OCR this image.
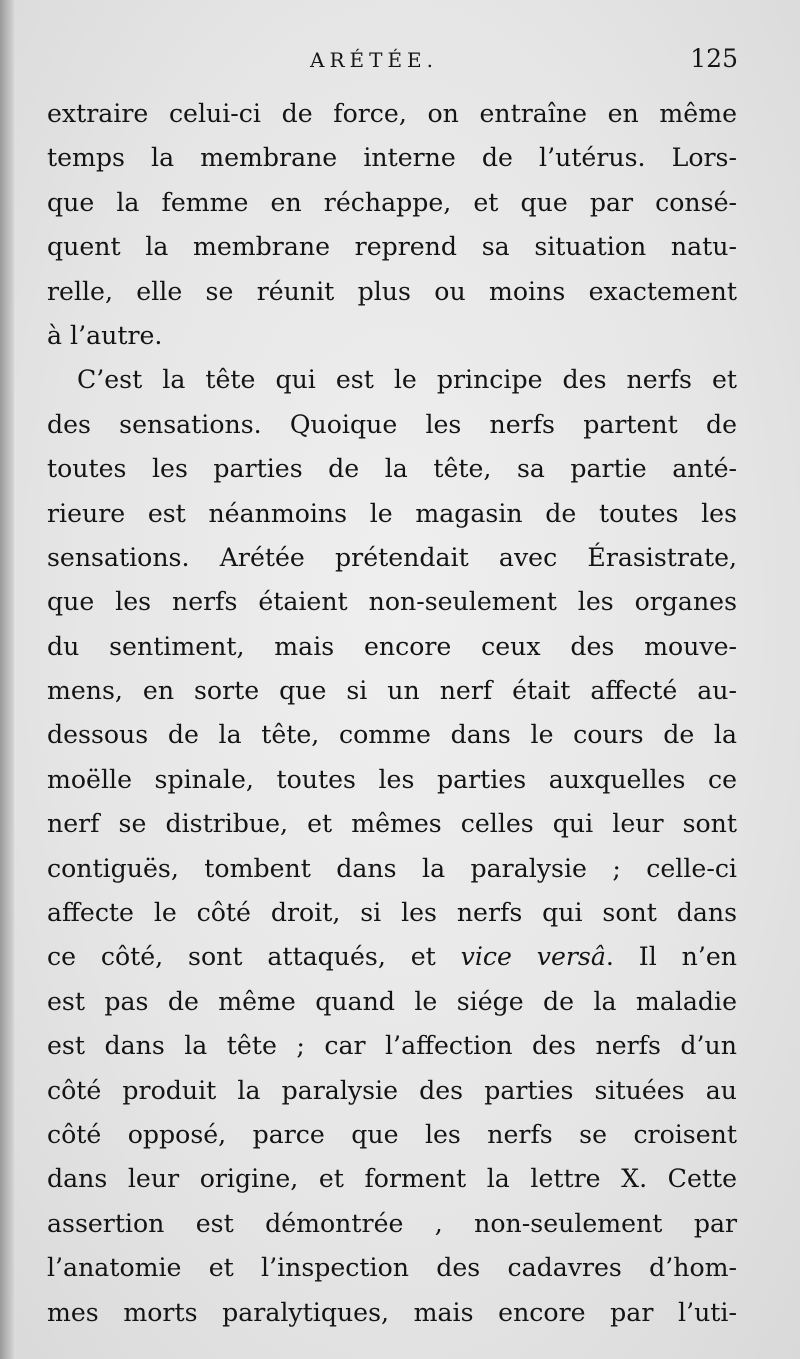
ARÉTÉE.	125
extraire celui-ci de force, on entraîne en même
temps la membrane interne de l’utérus. Lors-
que la femme en réchappe, et que par consé-
quent la membrane reprend sa situation natu-
relle, elle se réunit plus ou moins exactement
à l’autre.
C’est la tête qui est le principe des nerfs et
des sensations. Quoique les nerfs partent de
toutes les parties de la tête, sa partie anté-
rieure est néanmoins le magasin de toutes les
sensations. Arétée prétendait avec Érasistrate,
que les nerfs étaient non-seulement les organes
du sentiment, mais encore ceux des mouve-
mens, en sorte que si un nerf était affecté au-
dessous de la tête, comme dans le cours de la
moëlle spinale, toutes les parties auxquelles ce
nerf se distribue, et mêmes celles qui leur sont
contiguës, tombent dans la paralysie ; celle-ci
affecte le côté droit, si les nerfs qui sont dans
ce côté, sont attaqués, et vice versâ. Il n’en
est pas de même quand le siége de la maladie
est dans la tête ; car l’affection des nerfs d’un
côté produit la paralysie des parties situées au
côté opposé, parce que les nerfs se croisent
dans leur origine, et forment la lettre X. Cette
assertion est démontrée , non-seulement par
l’anatomie et l’inspection des cadavres d’hom-
mes morts paralytiques, mais encore par l’uti-
